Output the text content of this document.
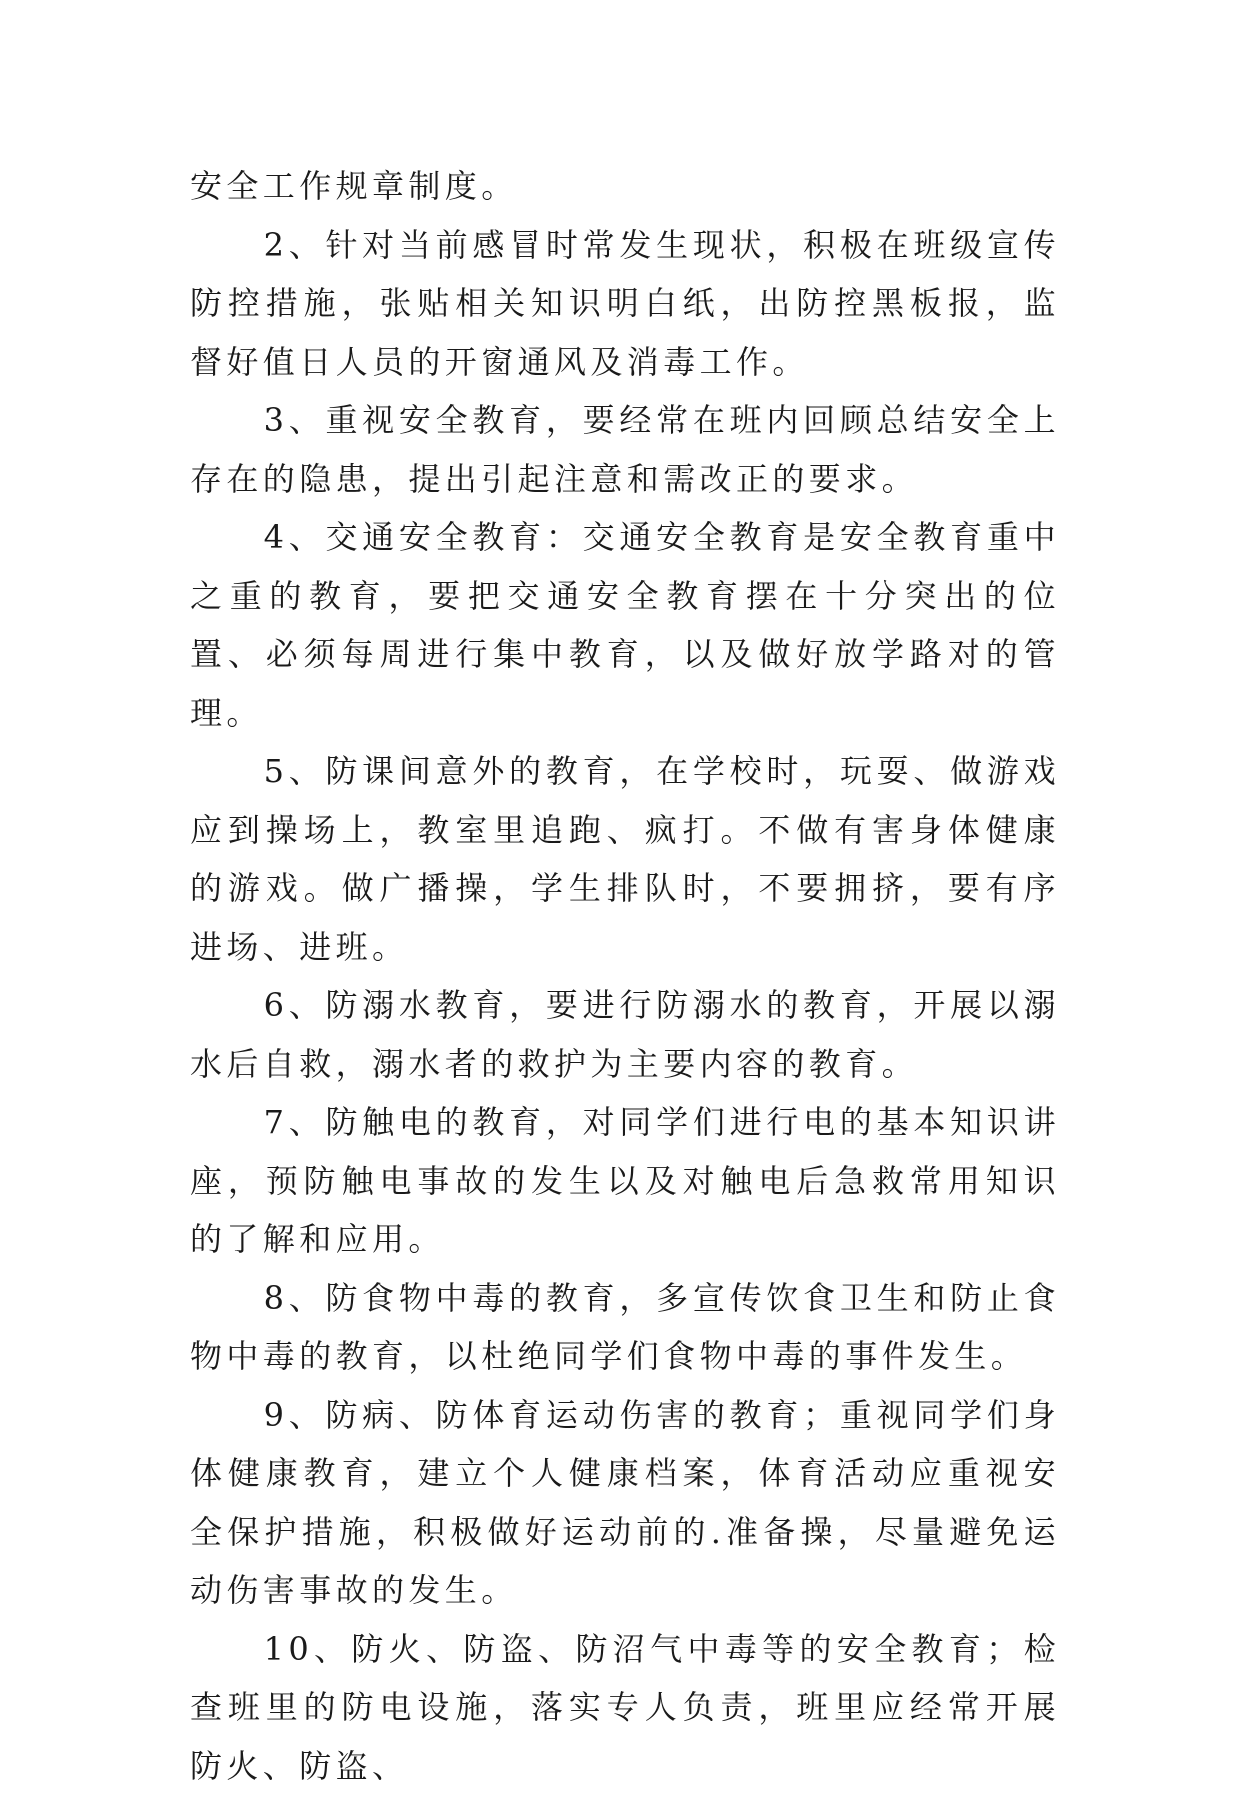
安全工作规章制度。

2、针对当前感冒时常发生现状，积极在班级宣传防控措施，张贴相关知识明白纸，出防控黑板报，监督好值日人员的开窗通风及消毒工作。

3、重视安全教育，要经常在班内回顾总结安全上存在的隐患，提出引起注意和需改正的要求。

4、交通安全教育：交通安全教育是安全教育重中之重的教育，要把交通安全教育摆在十分突出的位置、必须每周进行集中教育，以及做好放学路对的管理。

5、防课间意外的教育，在学校时，玩耍、做游戏应到操场上，教室里追跑、疯打。不做有害身体健康的游戏。做广播操，学生排队时，不要拥挤，要有序进场、进班。

6、防溺水教育，要进行防溺水的教育，开展以溺水后自救，溺水者的救护为主要内容的教育。

7、防触电的教育，对同学们进行电的基本知识讲座，预防触电事故的发生以及对触电后急救常用知识的了解和应用。

8、防食物中毒的教育，多宣传饮食卫生和防止食物中毒的教育，以杜绝同学们食物中毒的事件发生。

9、防病、防体育运动伤害的教育；重视同学们身体健康教育，建立个人健康档案，体育活动应重视安全保护措施，积极做好运动前的.准备操，尽量避免运动伤害事故的发生。

10、防火、防盗、防沼气中毒等的安全教育；检查班里的防电设施，落实专人负责，班里应经常开展防火、防盗、
